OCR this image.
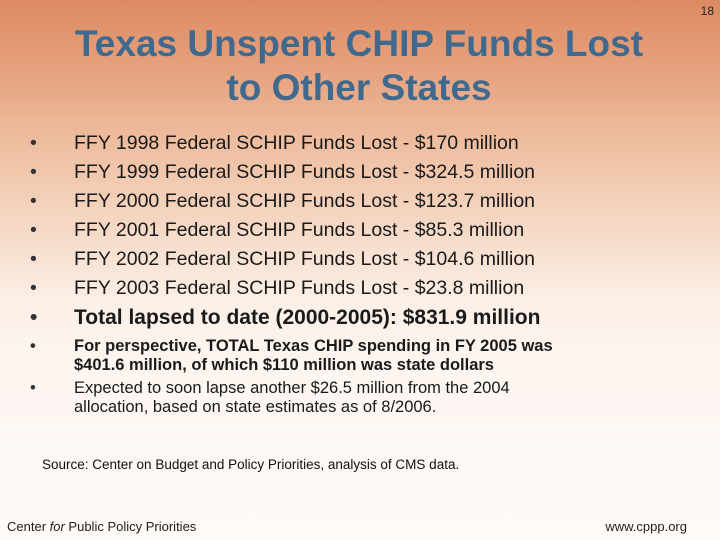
18
Texas Unspent CHIP Funds Lost
to Other States
• FFY 1998 Federal SCHIP Funds Lost - $170 million
• FFY 1999 Federal SCHIP Funds Lost - $324.5 million
• FFY 2000 Federal SCHIP Funds Lost - $123.7 million
• FFY 2001 Federal SCHIP Funds Lost - $85.3 million
• FFY 2002 Federal SCHIP Funds Lost - $104.6 million
• FFY 2003 Federal SCHIP Funds Lost - $23.8 million
• Total lapsed to date (2000-2005): $831.9 million
• For perspective, TOTAL Texas CHIP spending in FY 2005 was
$401.6 million, of which $110 million was state dollars
• Expected to soon lapse another $26.5 million from the 2004
allocation, based on state estimates as of 8/2006.
Source: Center on Budget and Policy Priorities, analysis of CMS data.
Center for Public Policy Priorities	www.cppp.org
